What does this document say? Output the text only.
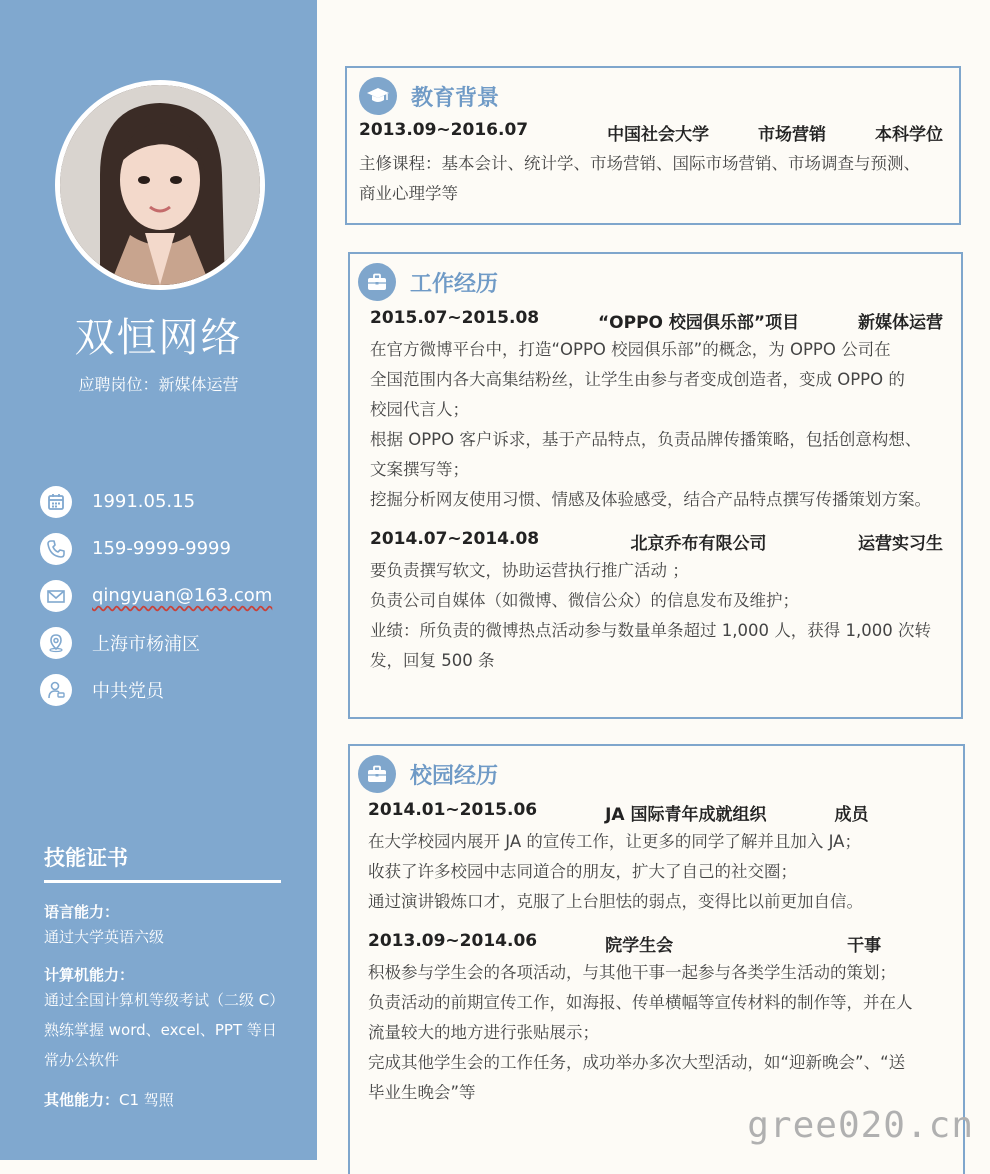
双恒网络
应聘岗位：新媒体运营
1991.05.15
159-9999-9999
qingyuan@163.com
上海市杨浦区
中共党员
技能证书
语言能力：
通过大学英语六级
计算机能力：
通过全国计算机等级考试（二级 C）
熟练掌握 word、excel、PPT 等日
常办公软件
其他能力：C1 驾照
教育背景
2013.09~2016.07	中国社会大学	市场营销	本科学位
主修课程：基本会计、统计学、市场营销、国际市场营销、市场调查与预测、
商业心理学等
工作经历
2015.07~2015.08	“OPPO 校园俱乐部”项目	新媒体运营
在官方微博平台中，打造“OPPO 校园俱乐部”的概念，为 OPPO 公司在
全国范围内各大高集结粉丝，让学生由参与者变成创造者，变成 OPPO 的
校园代言人；
根据 OPPO 客户诉求，基于产品特点，负责品牌传播策略，包括创意构想、
文案撰写等；
挖掘分析网友使用习惯、情感及体验感受，结合产品特点撰写传播策划方案。
2014.07~2014.08	北京乔布有限公司	运营实习生
要负责撰写软文，协助运营执行推广活动 ；
负责公司自媒体（如微博、微信公众）的信息发布及维护；
业绩：所负责的微博热点活动参与数量单条超过 1,000 人，获得 1,000 次转
发，回复 500 条
校园经历
2014.01~2015.06	JA 国际青年成就组织	成员
在大学校园内展开 JA 的宣传工作，让更多的同学了解并且加入 JA；
收获了许多校园中志同道合的朋友，扩大了自己的社交圈；
通过演讲锻炼口才，克服了上台胆怯的弱点，变得比以前更加自信。
2013.09~2014.06	院学生会	干事
积极参与学生会的各项活动，与其他干事一起参与各类学生活动的策划；
负责活动的前期宣传工作，如海报、传单横幅等宣传材料的制作等，并在人
流量较大的地方进行张贴展示；
完成其他学生会的工作任务，成功举办多次大型活动，如“迎新晚会”、“送
毕业生晚会”等
gree020.cn
